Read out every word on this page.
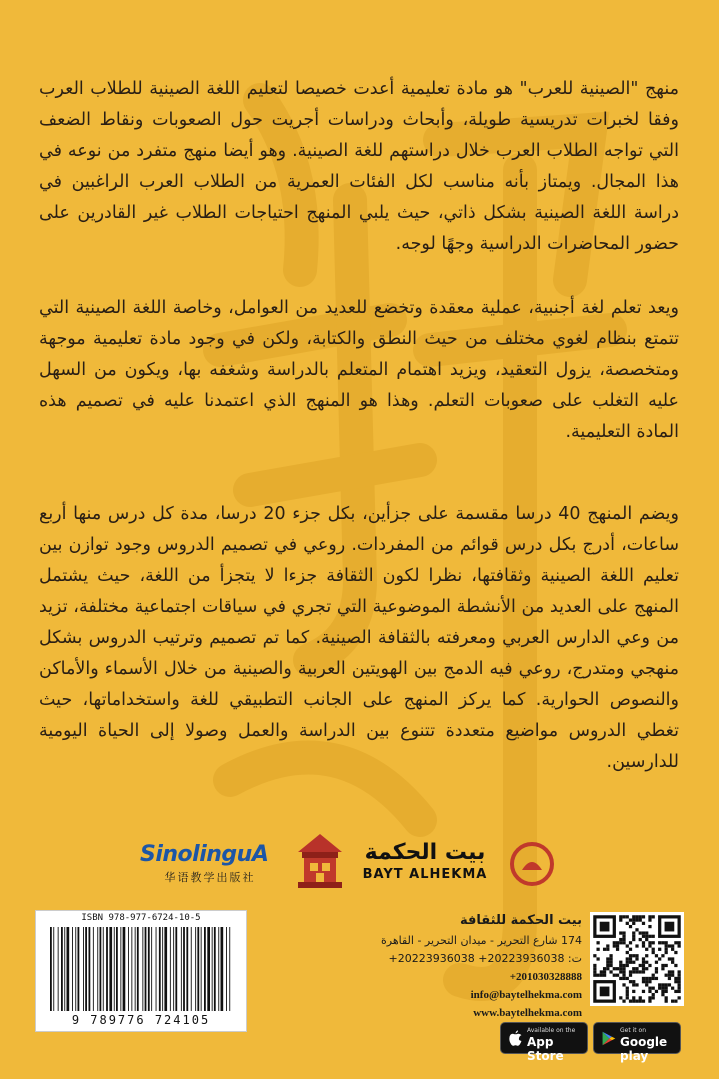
منهج "الصينية للعرب" هو مادة تعليمية أعدت خصيصا لتعليم اللغة الصينية للطلاب العرب وفقا لخبرات تدريسية طويلة، وأبحاث ودراسات أجريت حول الصعوبات ونقاط الضعف التي تواجه الطلاب العرب خلال دراستهم للغة الصينية. وهو أيضا منهج متفرد من نوعه في هذا المجال. ويمتاز بأنه مناسب لكل الفئات العمرية من الطلاب العرب الراغبين في دراسة اللغة الصينية بشكل ذاتي، حيث يلبي المنهج احتياجات الطلاب غير القادرين على حضور المحاضرات الدراسية وجهًا لوجه.
ويعد تعلم لغة أجنبية، عملية معقدة وتخضع للعديد من العوامل، وخاصة اللغة الصينية التي تتمتع بنظام لغوي مختلف من حيث النطق والكتابة، ولكن في وجود مادة تعليمية موجهة ومتخصصة، يزول التعقيد، ويزيد اهتمام المتعلم بالدراسة وشغفه بها، ويكون من السهل عليه التغلب على صعوبات التعلم. وهذا هو المنهج الذي اعتمدنا عليه في تصميم هذه المادة التعليمية.
ويضم المنهج 40 درسا مقسمة على جزأين، بكل جزء 20 درسا، مدة كل درس منها أربع ساعات، أدرج بكل درس قوائم من المفردات. روعي في تصميم الدروس وجود توازن بين تعليم اللغة الصينية وثقافتها، نظرا لكون الثقافة جزءا لا يتجزأ من اللغة، حيث يشتمل المنهج على العديد من الأنشطة الموضوعية التي تجري في سياقات اجتماعية مختلفة، تزيد من وعي الدارس العربي ومعرفته بالثقافة الصينية. كما تم تصميم وترتيب الدروس بشكل منهجي ومتدرج، روعي فيه الدمج بين الهويتين العربية والصينية من خلال الأسماء والأماكن والنصوص الحوارية. كما يركز المنهج على الجانب التطبيقي للغة واستخداماتها، حيث تغطي الدروس مواضيع متعددة تتنوع بين الدراسة والعمل وصولا إلى الحياة اليومية للدارسين.
SinolinguA
华语教学出版社
بيت الحكمة
BAYT ALHEKMA
ISBN 978-977-6724-10-5
9 789776 724105
بيت الحكمة للثقافة
174 شارع التحرير - ميدان التحرير - القاهرة
ت: 20223936038+ 20223936038+
+201030328888
info@baytelhekma.com
www.baytelhekma.com
Available on the
App Store
Get it on
Google play
